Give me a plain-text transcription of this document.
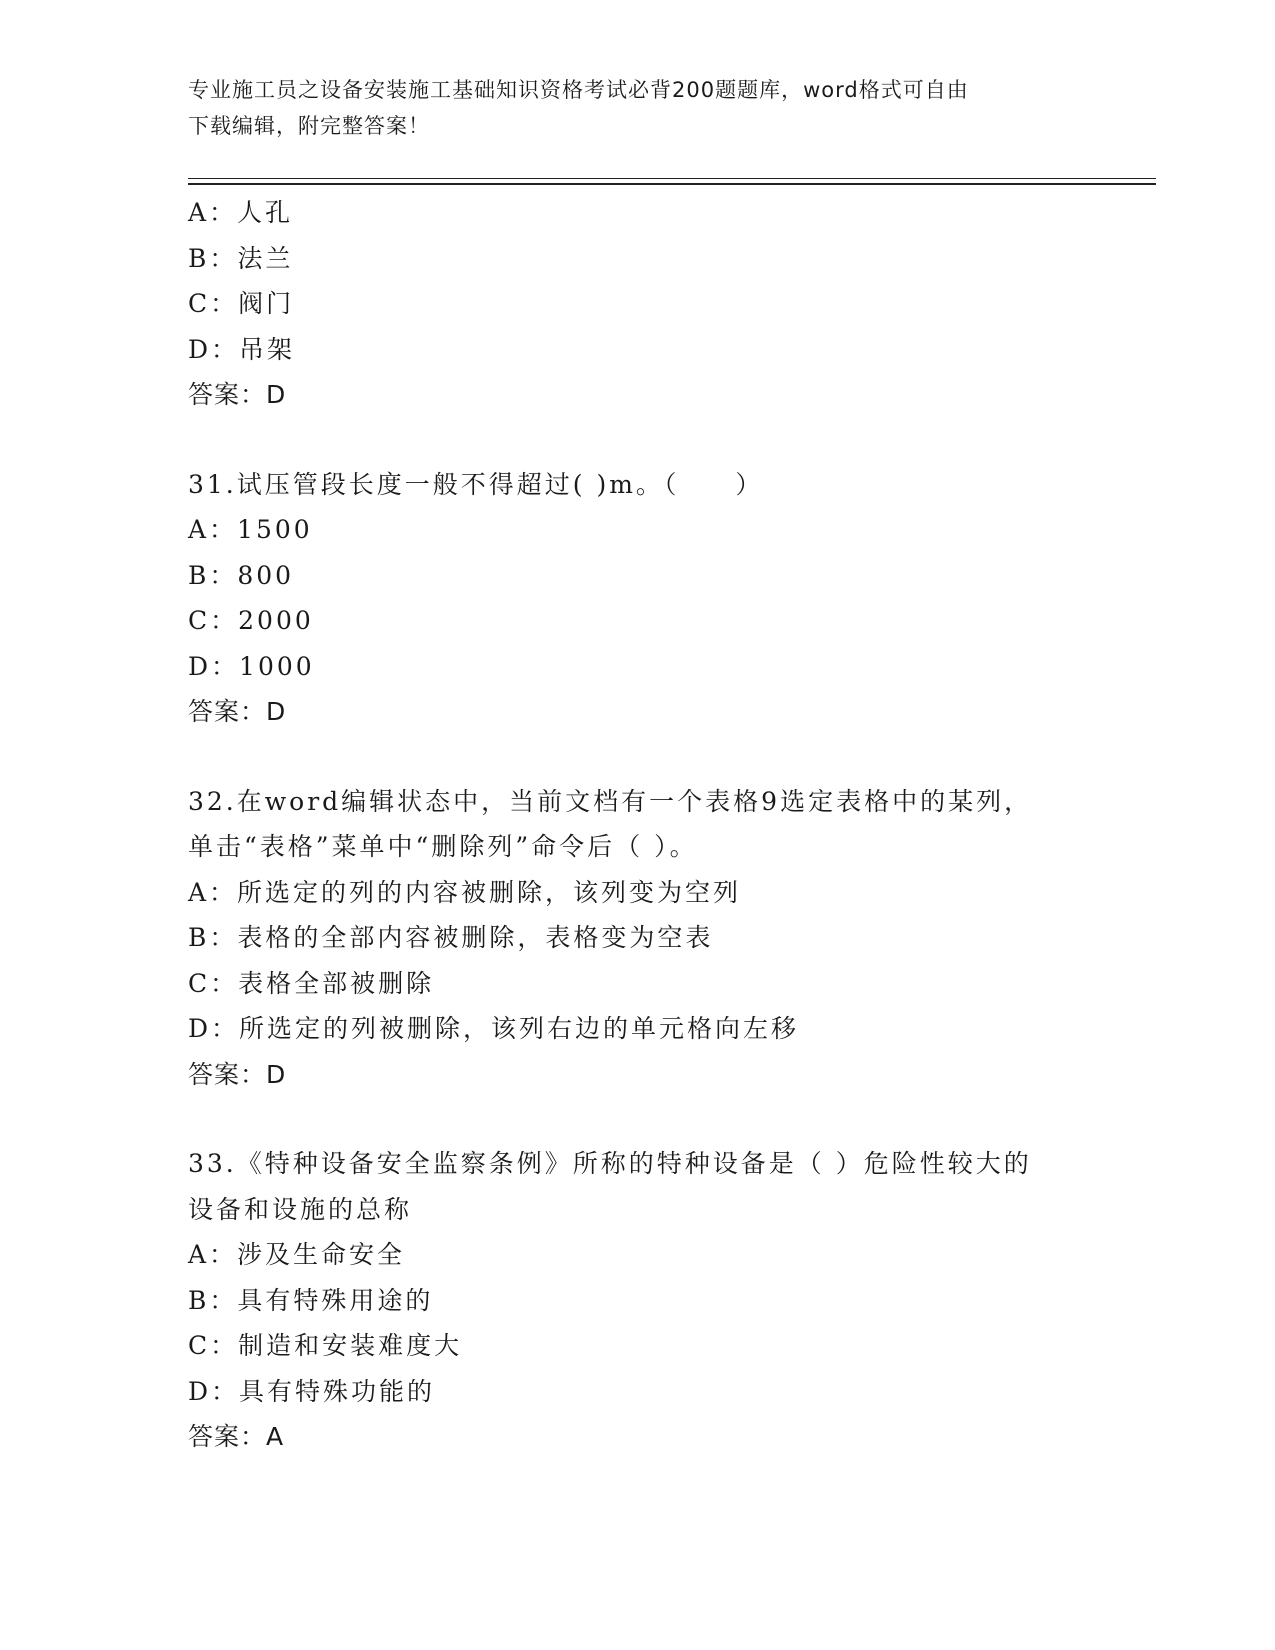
专业施工员之设备安装施工基础知识资格考试必背200题题库，word格式可自由
下载编辑，附完整答案！
A：人孔
B：法兰
C：阀门
D：吊架
答案：D
31.试压管段长度一般不得超过( )m。（　　）
A：1500
B：800
C：2000
D：1000
答案：D
32.在word编辑状态中，当前文档有一个表格9选定表格中的某列，
单击“表格”菜单中“删除列”命令后（ ）。
A：所选定的列的内容被删除，该列变为空列
B：表格的全部内容被删除，表格变为空表
C：表格全部被删除
D：所选定的列被删除，该列右边的单元格向左移
答案：D
33.《特种设备安全监察条例》所称的特种设备是（ ）危险性较大的
设备和设施的总称
A：涉及生命安全
B：具有特殊用途的
C：制造和安装难度大
D：具有特殊功能的
答案：A
